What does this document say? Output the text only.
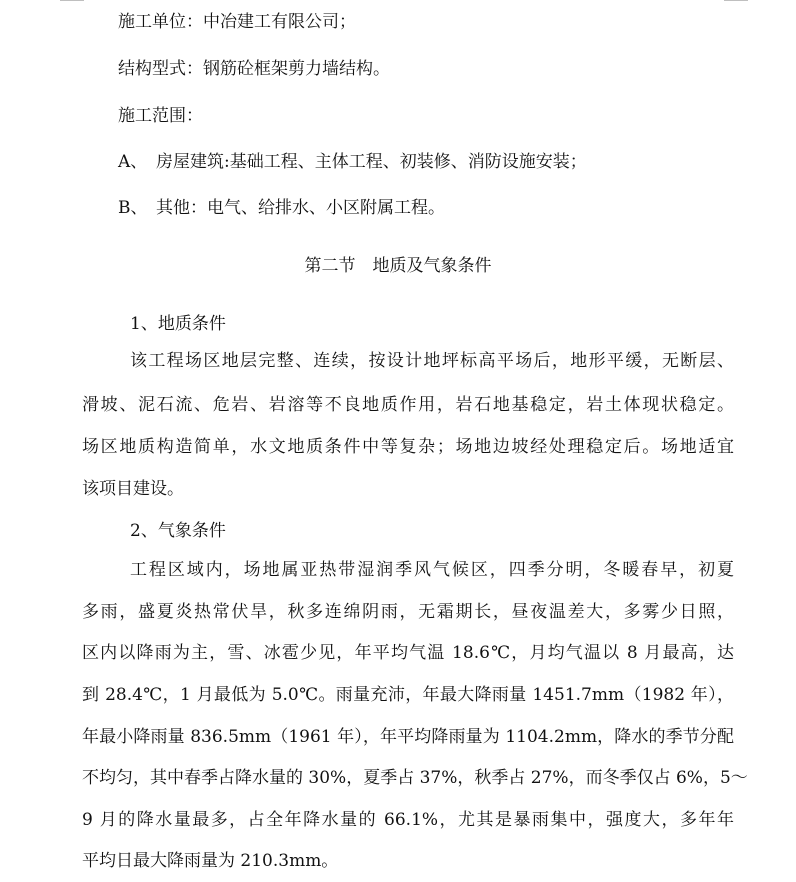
施工单位：中冶建工有限公司；
结构型式：钢筋砼框架剪力墙结构。
施工范围：
A、 房屋建筑:基础工程、主体工程、初装修、消防设施安装；
B、 其他：电气、给排水、小区附属工程。
第二节　地质及气象条件
1、地质条件
该工程场区地层完整、连续，按设计地坪标高平场后，地形平缓，无断层、
滑坡、泥石流、危岩、岩溶等不良地质作用，岩石地基稳定，岩土体现状稳定。
场区地质构造简单，水文地质条件中等复杂；场地边坡经处理稳定后。场地适宜
该项目建设。
2、气象条件
工程区域内，场地属亚热带湿润季风气候区，四季分明，冬暖春早，初夏
多雨，盛夏炎热常伏旱，秋多连绵阴雨，无霜期长，昼夜温差大，多雾少日照，
区内以降雨为主，雪、冰雹少见，年平均气温 18.6℃，月均气温以 8 月最高，达
到 28.4℃，1 月最低为 5.0℃。雨量充沛，年最大降雨量 1451.7mm（1982 年），
年最小降雨量 836.5mm（1961 年），年平均降雨量为 1104.2mm，降水的季节分配
不均匀，其中春季占降水量的 30%，夏季占 37%，秋季占 27%，而冬季仅占 6%，5～
9 月的降水量最多，占全年降水量的 66.1%，尤其是暴雨集中，强度大，多年年
平均日最大降雨量为 210.3mm。
